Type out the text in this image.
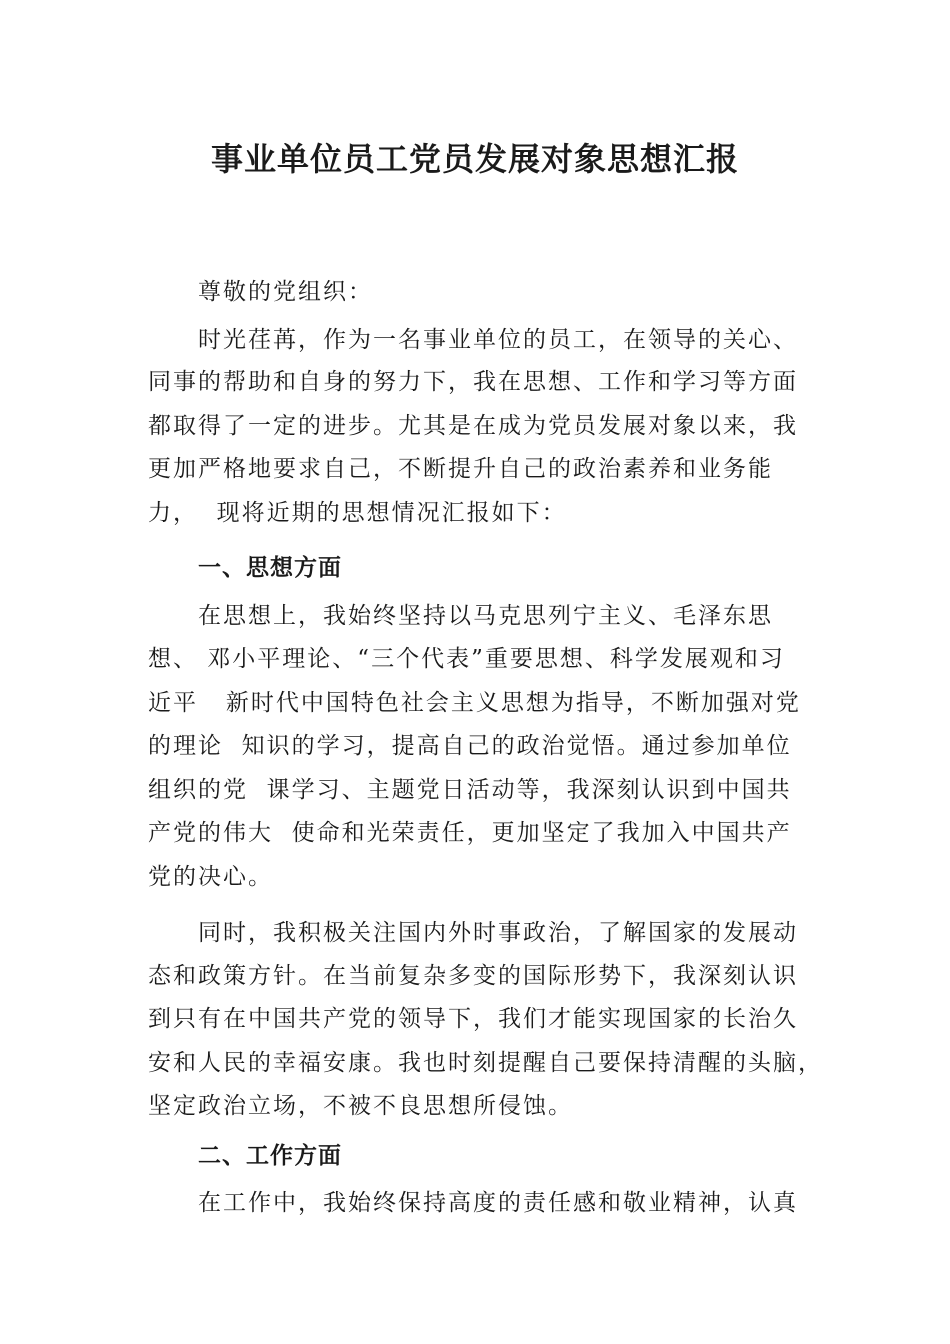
事业单位员工党员发展对象思想汇报

尊敬的党组织：

时光荏苒，作为一名事业单位的员工，在领导的关心、

同事的帮助和自身的努力下，我在思想、工作和学习等方面

都取得了一定的进步。尤其是在成为党员发展对象以来，我

更加严格地要求自己，不断提升自己的政治素养和业务能

力，  现将近期的思想情况汇报如下：

一、思想方面

在思想上，我始终坚持以马克思列宁主义、毛泽东思

想、 邓小平理论、“三个代表”重要思想、科学发展观和习

近平   新时代中国特色社会主义思想为指导，不断加强对党

的理论  知识的学习，提高自己的政治觉悟。通过参加单位

组织的党  课学习、主题党日活动等，我深刻认识到中国共

产党的伟大  使命和光荣责任，更加坚定了我加入中国共产

党的决心。

同时，我积极关注国内外时事政治，了解国家的发展动

态和政策方针。在当前复杂多变的国际形势下，我深刻认识

到只有在中国共产党的领导下，我们才能实现国家的长治久

安和人民的幸福安康。我也时刻提醒自己要保持清醒的头脑，

坚定政治立场，不被不良思想所侵蚀。

二、工作方面

在工作中，我始终保持高度的责任感和敬业精神，认真
